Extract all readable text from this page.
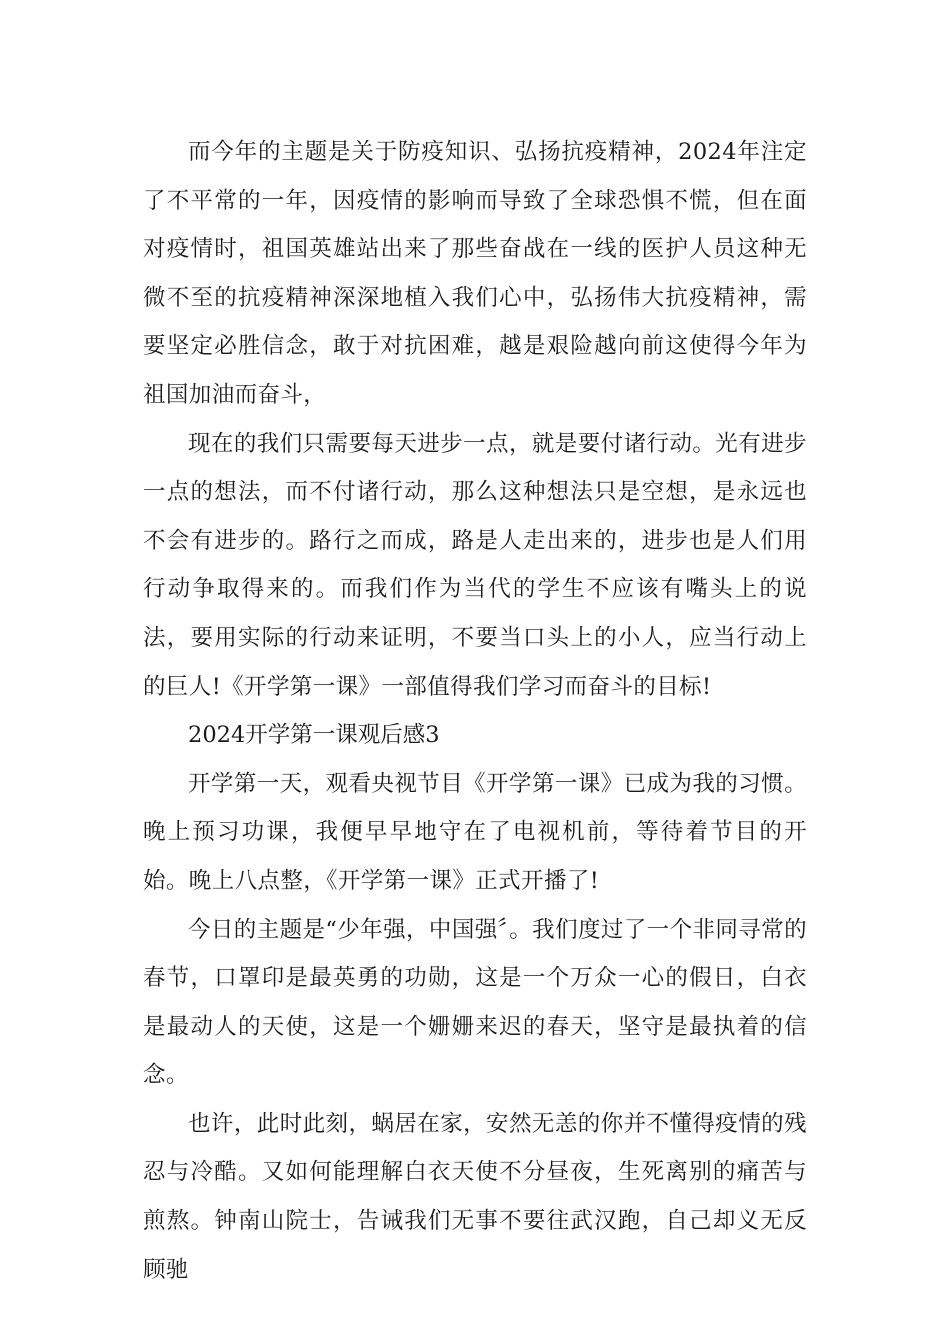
而今年的主题是关于防疫知识、弘扬抗疫精神，2024年注定了不平常的一年，因疫情的影响而导致了全球恐惧不慌，但在面对疫情时，祖国英雄站出来了那些奋战在一线的医护人员这种无微不至的抗疫精神深深地植入我们心中，弘扬伟大抗疫精神，需要坚定必胜信念，敢于对抗困难，越是艰险越向前这使得今年为祖国加油而奋斗，

现在的我们只需要每天进步一点，就是要付诸行动。光有进步一点的想法，而不付诸行动，那么这种想法只是空想，是永远也不会有进步的。路行之而成，路是人走出来的，进步也是人们用行动争取得来的。而我们作为当代的学生不应该有嘴头上的说法，要用实际的行动来证明，不要当口头上的小人，应当行动上的巨人!《开学第一课》一部值得我们学习而奋斗的目标!

2024开学第一课观后感3

开学第一天，观看央视节目《开学第一课》已成为我的习惯。晚上预习功课，我便早早地守在了电视机前，等待着节目的开始。晚上八点整，《开学第一课》正式开播了!

今日的主题是“少年强，中国强〞。我们度过了一个非同寻常的春节，口罩印是最英勇的功勋，这是一个万众一心的假日，白衣是最动人的天使，这是一个姗姗来迟的春天，坚守是最执着的信念。

也许，此时此刻，蜗居在家，安然无恙的你并不懂得疫情的残忍与冷酷。又如何能理解白衣天使不分昼夜，生死离别的痛苦与煎熬。钟南山院士，告诫我们无事不要往武汉跑，自己却义无反顾驰
